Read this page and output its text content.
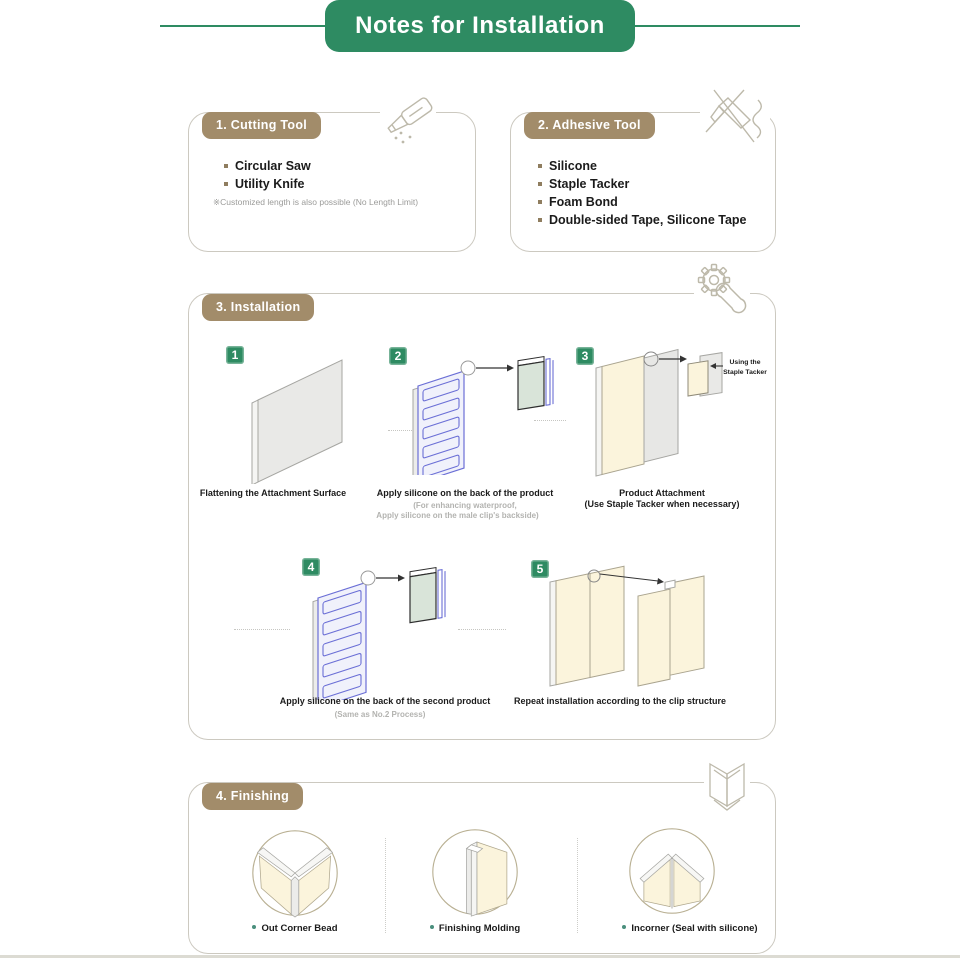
Notes for Installation
1. Cutting Tool
Circular Saw
Utility Knife
※Customized length is also possible (No Length Limit)
2. Adhesive Tool
Silicone
Staple Tacker
Foam Bond
Double-sided Tape, Silicone Tape
3. Installation
1
Flattening the Attachment Surface
2
Apply silicone on the back of the product
(For enhancing waterproof,
Apply silicone on the male clip's backside)
3	Using the
Staple Tacker
Product Attachment
(Use Staple Tacker when necessary)
4
Apply silicone on the back of the second product
(Same as No.2 Process)
5
Repeat installation according to the clip structure
4. Finishing
Out Corner Bead	Finishing Molding	Incorner (Seal with silicone)
